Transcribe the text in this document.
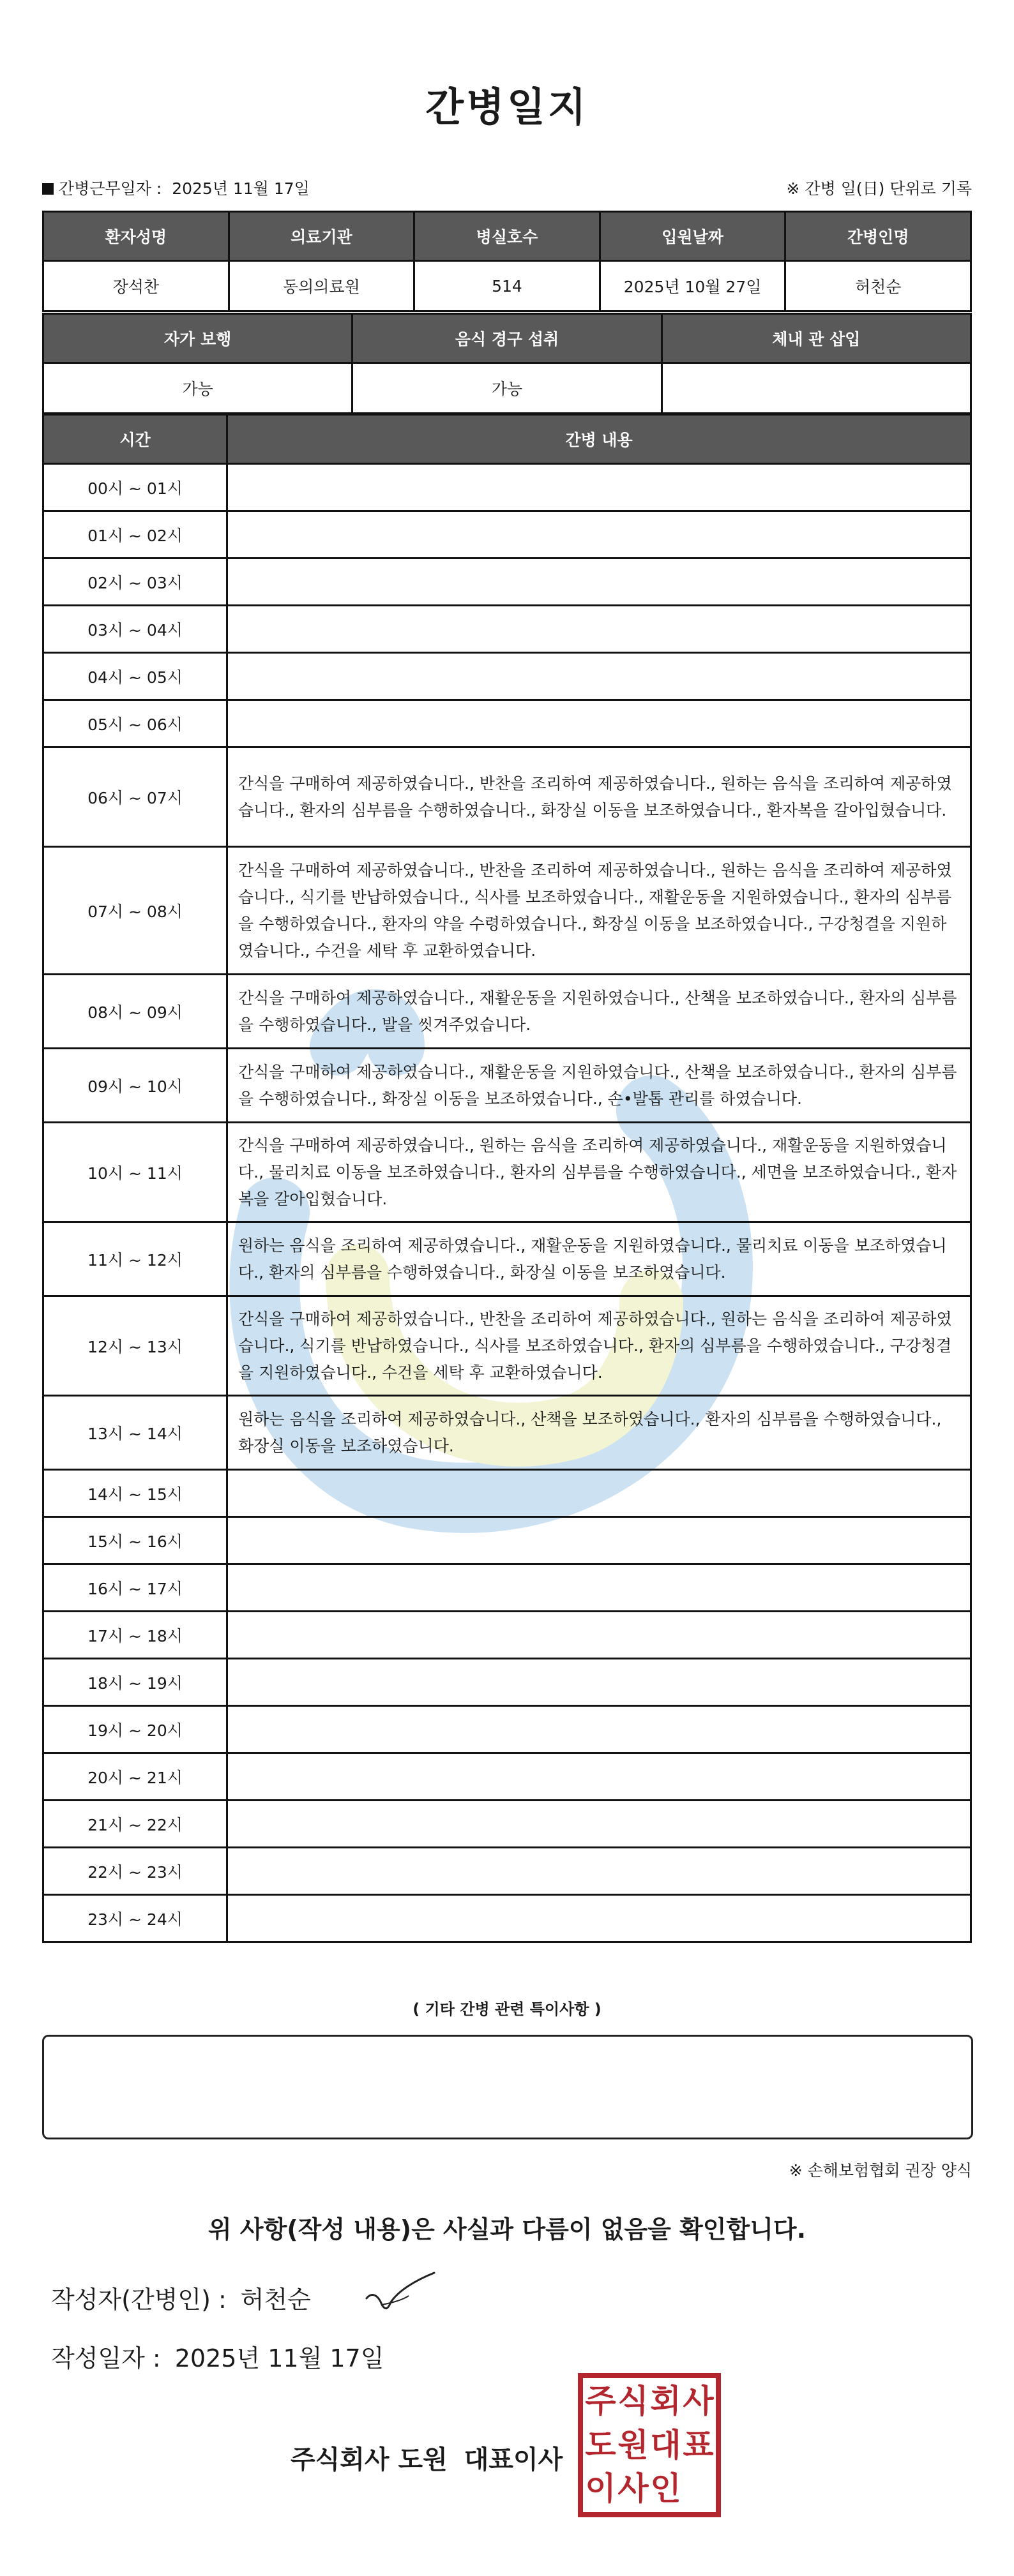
간병일지
간병근무일자 : 2025년 11월 17일	※ 간병 일(日) 단위로 기록
환자성명	의료기관	병실호수	입원날짜	간병인명
장석찬	동의의료원	514	2025년 10월 27일	허천순
자가 보행	음식 경구 섭취	체내 관 삽입
가능	가능	
시간	간병 내용
00시 ~ 01시	
01시 ~ 02시	
02시 ~ 03시	
03시 ~ 04시	
04시 ~ 05시	
05시 ~ 06시	
06시 ~ 07시	간식을 구매하여 제공하였습니다., 반찬을 조리하여 제공하였습니다., 원하는 음식을 조리하여 제공하였습니다., 환자의 심부름을 수행하였습니다., 화장실 이동을 보조하였습니다., 환자복을 갈아입혔습니다.
07시 ~ 08시	간식을 구매하여 제공하였습니다., 반찬을 조리하여 제공하였습니다., 원하는 음식을 조리하여 제공하였습니다., 식기를 반납하였습니다., 식사를 보조하였습니다., 재활운동을 지원하였습니다., 환자의 심부름을 수행하였습니다., 환자의 약을 수령하였습니다., 화장실 이동을 보조하였습니다., 구강청결을 지원하였습니다., 수건을 세탁 후 교환하였습니다.
08시 ~ 09시	간식을 구매하여 제공하였습니다., 재활운동을 지원하였습니다., 산책을 보조하였습니다., 환자의 심부름을 수행하였습니다., 발을 씻겨주었습니다.
09시 ~ 10시	간식을 구매하여 제공하였습니다., 재활운동을 지원하였습니다., 산책을 보조하였습니다., 환자의 심부름을 수행하였습니다., 화장실 이동을 보조하였습니다., 손•발톱 관리를 하였습니다.
10시 ~ 11시	간식을 구매하여 제공하였습니다., 원하는 음식을 조리하여 제공하였습니다., 재활운동을 지원하였습니다., 물리치료 이동을 보조하였습니다., 환자의 심부름을 수행하였습니다., 세면을 보조하였습니다., 환자복을 갈아입혔습니다.
11시 ~ 12시	원하는 음식을 조리하여 제공하였습니다., 재활운동을 지원하였습니다., 물리치료 이동을 보조하였습니다., 환자의 심부름을 수행하였습니다., 화장실 이동을 보조하였습니다.
12시 ~ 13시	간식을 구매하여 제공하였습니다., 반찬을 조리하여 제공하였습니다., 원하는 음식을 조리하여 제공하였습니다., 식기를 반납하였습니다., 식사를 보조하였습니다., 환자의 심부름을 수행하였습니다., 구강청결을 지원하였습니다., 수건을 세탁 후 교환하였습니다.
13시 ~ 14시	원하는 음식을 조리하여 제공하였습니다., 산책을 보조하였습니다., 환자의 심부름을 수행하였습니다., 화장실 이동을 보조하였습니다.
14시 ~ 15시	
15시 ~ 16시	
16시 ~ 17시	
17시 ~ 18시	
18시 ~ 19시	
19시 ~ 20시	
20시 ~ 21시	
21시 ~ 22시	
22시 ~ 23시	
23시 ~ 24시	
( 기타 간병 관련 특이사항 )
※ 손해보험협회 권장 양식
위 사항(작성 내용)은 사실과 다름이 없음을 확인합니다.
작성자(간병인) : 허천순
작성일자 : 2025년 11월 17일
주식회사 도원 대표이사
주 식 회 사
도 원 대 표
이 사 인
